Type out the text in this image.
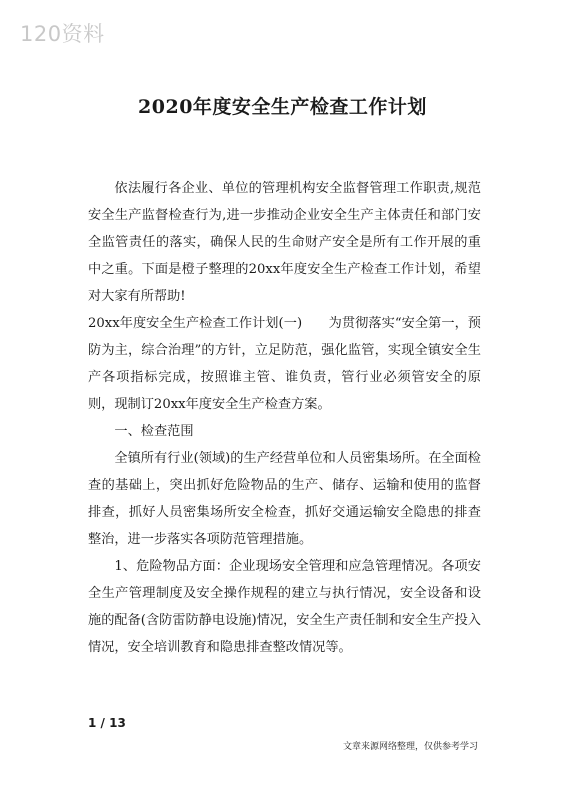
120资料
2020年度安全生产检查工作计划

依法履行各企业、单位的管理机构安全监督管理工作职责,规范安全生产监督检查行为,进一步推动企业安全生产主体责任和部门安全监管责任的落实，确保人民的生命财产安全是所有工作开展的重中之重。下面是橙子整理的20xx年度安全生产检查工作计划，希望对大家有所帮助!

20xx年度安全生产检查工作计划(一)　　为贯彻落实“安全第一，预防为主，综合治理”的方针，立足防范，强化监管，实现全镇安全生产各项指标完成，按照谁主管、谁负责，管行业必须管安全的原则，现制订20xx年度安全生产检查方案。

一、检查范围

全镇所有行业(领域)的生产经营单位和人员密集场所。在全面检查的基础上，突出抓好危险物品的生产、储存、运输和使用的监督排查，抓好人员密集场所安全检查，抓好交通运输安全隐患的排查整治，进一步落实各项防范管理措施。

1、危险物品方面：企业现场安全管理和应急管理情况。各项安全生产管理制度及安全操作规程的建立与执行情况，安全设备和设施的配备(含防雷防静电设施)情况，安全生产责任制和安全生产投入情况，安全培训教育和隐患排查整改情况等。

1 / 13
文章来源网络整理，仅供参考学习
